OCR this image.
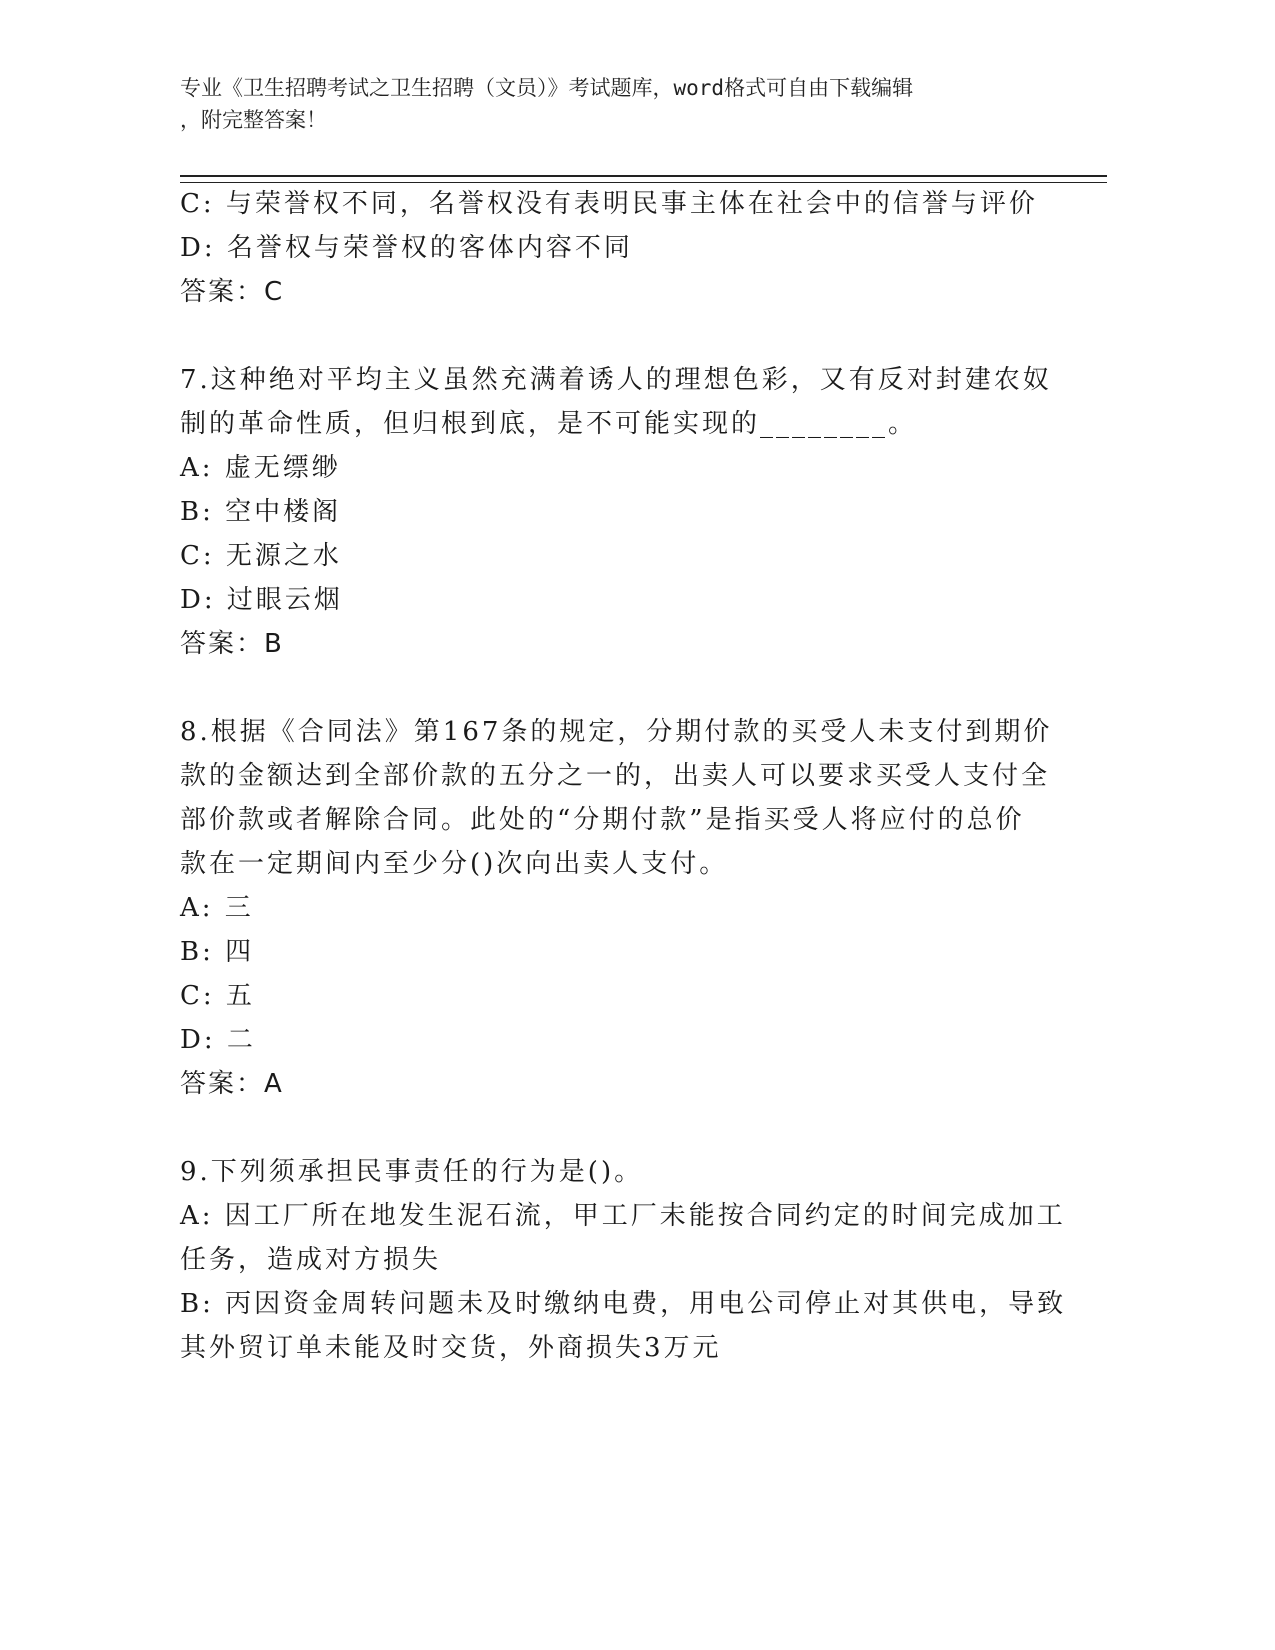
专业《卫生招聘考试之卫生招聘（文员）》考试题库，word格式可自由下载编辑
，附完整答案！
C: 与荣誉权不同，名誉权没有表明民事主体在社会中的信誉与评价
D: 名誉权与荣誉权的客体内容不同
答案：C
7.这种绝对平均主义虽然充满着诱人的理想色彩，又有反对封建农奴
制的革命性质，但归根到底，是不可能实现的________。
A: 虚无缥缈
B: 空中楼阁
C: 无源之水
D: 过眼云烟
答案：B
8.根据《合同法》第167条的规定，分期付款的买受人未支付到期价
款的金额达到全部价款的五分之一的，出卖人可以要求买受人支付全
部价款或者解除合同。此处的“分期付款”是指买受人将应付的总价
款在一定期间内至少分()次向出卖人支付。
A: 三
B: 四
C: 五
D: 二
答案：A
9.下列须承担民事责任的行为是()。
A: 因工厂所在地发生泥石流，甲工厂未能按合同约定的时间完成加工
任务，造成对方损失
B: 丙因资金周转问题未及时缴纳电费，用电公司停止对其供电，导致
其外贸订单未能及时交货，外商损失3万元
